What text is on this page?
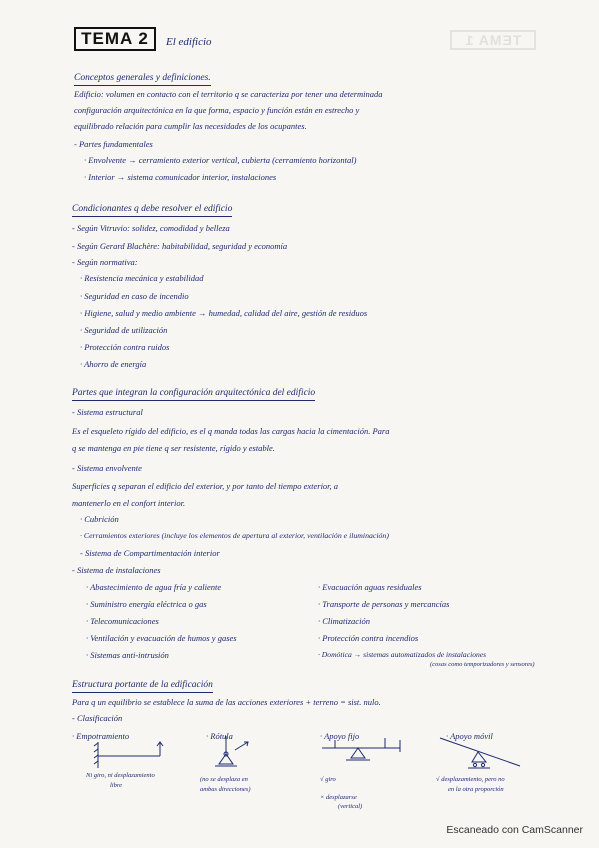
TEMA 2	El edificio	TEMA 1
Conceptos generales y definiciones.
Edificio: volumen en contacto con el territorio q se caracteriza por tener una determinada
configuración arquitectónica en la que forma, espacio y función están en estrecho y
equilibrado relación para cumplir las necesidades de los ocupantes.
- Partes fundamentales
· Envolvente → cerramiento exterior vertical, cubierta (cerramiento horizontal)
· Interior → sistema comunicador interior, instalaciones
Condicionantes q debe resolver el edificio
- Según Vitruvio: solidez, comodidad y belleza
- Según Gerard Blachère: habitabilidad, seguridad y economía
- Según normativa:
· Resistencia mecánica y estabilidad
· Seguridad en caso de incendio
· Higiene, salud y medio ambiente → humedad, calidad del aire, gestión de residuos
· Seguridad de utilización
· Protección contra ruidos
· Ahorro de energía
Partes que integran la configuración arquitectónica del edificio
- Sistema estructural
Es el esqueleto rígido del edificio, es el q manda todas las cargas hacia la cimentación. Para
q se mantenga en pie tiene q ser resistente, rígido y estable.
- Sistema envolvente
Superficies q separan el edificio del exterior, y por tanto del tiempo exterior, a
mantenerlo en el confort interior.
· Cubrición
· Cerramientos exteriores (incluye los elementos de apertura al exterior, ventilación e iluminación)
- Sistema de Compartimentación interior
- Sistema de instalaciones
· Abastecimiento de agua fría y caliente
· Suministro energía eléctrica o gas
· Telecomunicaciones
· Ventilación y evacuación de humos y gases
· Sistemas anti-intrusión
· Evacuación aguas residuales
· Transporte de personas y mercancías
· Climatización
· Protección contra incendios
· Domótica → sistemas automatizados de instalaciones
(cosas como temporizadores y sensores)
Estructura portante de la edificación
Para q un equilibrio se establece la suma de las acciones exteriores + terreno = sist. nulo.
- Clasificación
· Empotramiento	· Rótula	· Apoyo fijo	· Apoyo móvil
Ni giro, ni desplazamiento
libre
(no se desplaza en
ambas direcciones)
√ giro
× desplazarse
(vertical)
√ desplazamiento, pero no
en la otra proporción
Escaneado con CamScanner
